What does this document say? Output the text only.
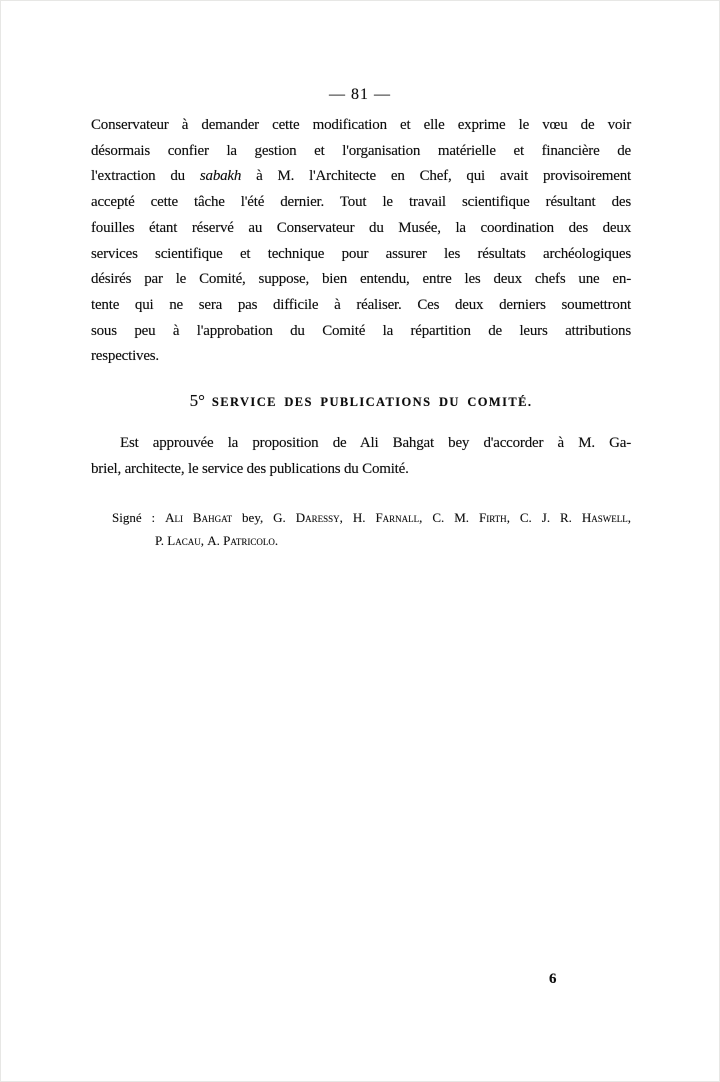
— 81 —
Conservateur à demander cette modification et elle exprime le vœu de voir
désormais confier la gestion et l'organisation matérielle et financière de
l'extraction du sabakh à M. l'Architecte en Chef, qui avait provisoirement
accepté cette tâche l'été dernier. Tout le travail scientifique résultant des
fouilles étant réservé au Conservateur du Musée, la coordination des deux
services scientifique et technique pour assurer les résultats archéologiques
désirés par le Comité, suppose, bien entendu, entre les deux chefs une en-
tente qui ne sera pas difficile à réaliser. Ces deux derniers soumettront
sous peu à l'approbation du Comité la répartition de leurs attributions
respectives.
5° SERVICE DES PUBLICATIONS DU COMITÉ.
Est approuvée la proposition de Ali Bahgat bey d'accorder à M. Ga-
briel, architecte, le service des publications du Comité.
Signé : Ali Bahgat bey, G. Daressy, H. Farnall, C. M. Firth, C. J. R. Haswell,
P. Lacau, A. Patricolo.
6
